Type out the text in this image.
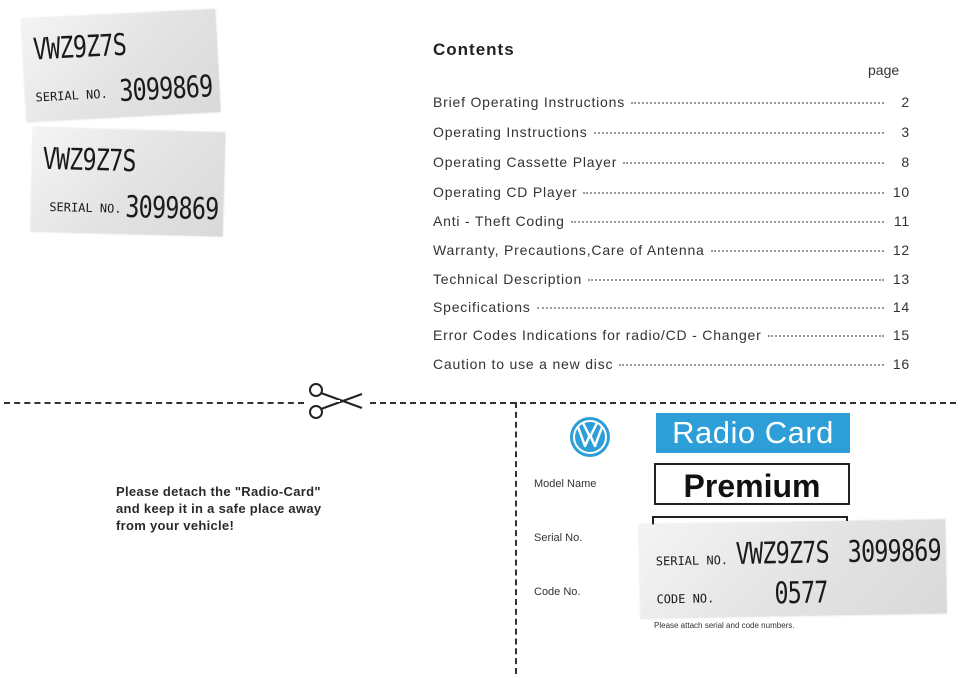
VWZ9Z7S
SERIAL NO. 3099869
VWZ9Z7S
SERIAL NO. 3099869
Contents
page
Brief Operating Instructions	2
Operating Instructions	3
Operating Cassette Player	8
Operating CD Player	10
Anti - Theft Coding	11
Warranty, Precautions,Care of Antenna	12
Technical Description	13
Specifications	14
Error Codes Indications for radio/CD - Changer	15
Caution to use a new disc	16
Please detach the "Radio-Card"
and keep it in a safe place away
from your vehicle!
Radio Card
Model Name	Premium
Serial No.
Code No.
SERIAL NO. VWZ9Z7S 3099869
CODE NO. 0577
Please attach serial and code numbers.
